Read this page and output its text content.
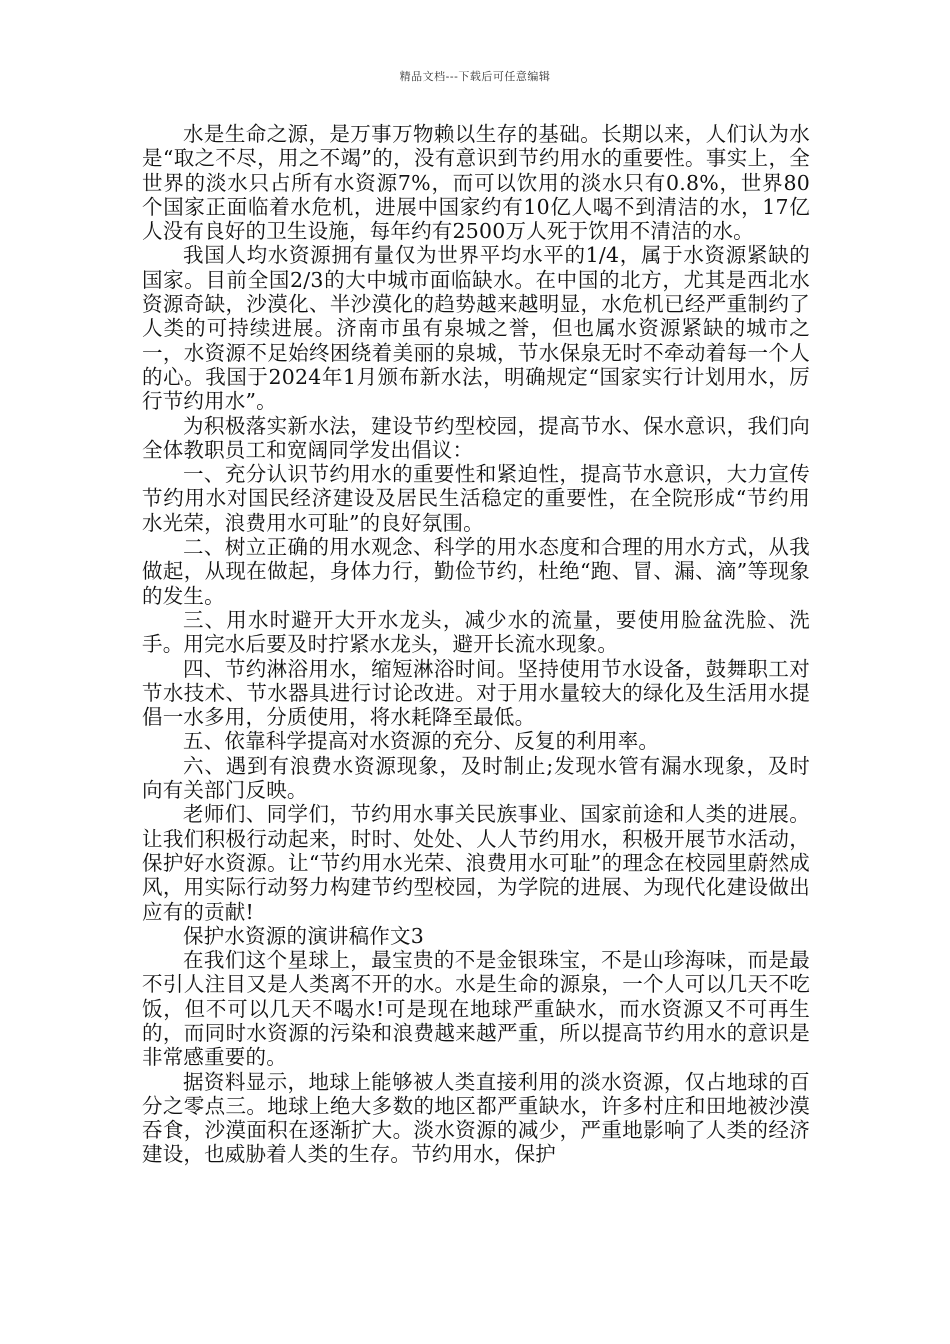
精品文档---下载后可任意编辑

水是生命之源，是万事万物赖以生存的基础。长期以来，人们认为水是“取之不尽，用之不竭”的，没有意识到节约用水的重要性。事实上，全世界的淡水只占所有水资源7%，而可以饮用的淡水只有0.8%，世界80个国家正面临着水危机，进展中国家约有10亿人喝不到清洁的水，17亿人没有良好的卫生设施，每年约有2500万人死于饮用不清洁的水。

我国人均水资源拥有量仅为世界平均水平的1/4，属于水资源紧缺的国家。目前全国2/3的大中城市面临缺水。在中国的北方，尤其是西北水资源奇缺，沙漠化、半沙漠化的趋势越来越明显，水危机已经严重制约了人类的可持续进展。济南市虽有泉城之誉，但也属水资源紧缺的城市之一，水资源不足始终困绕着美丽的泉城，节水保泉无时不牵动着每一个人的心。我国于2024年1月颁布新水法，明确规定“国家实行计划用水，厉行节约用水”。

为积极落实新水法，建设节约型校园，提高节水、保水意识，我们向全体教职员工和宽阔同学发出倡议：

一、充分认识节约用水的重要性和紧迫性，提高节水意识，大力宣传节约用水对国民经济建设及居民生活稳定的重要性，在全院形成“节约用水光荣，浪费用水可耻”的良好氛围。

二、树立正确的用水观念、科学的用水态度和合理的用水方式，从我做起，从现在做起，身体力行，勤俭节约，杜绝“跑、冒、漏、滴”等现象的发生。

三、用水时避开大开水龙头，减少水的流量，要使用脸盆洗脸、洗手。用完水后要及时拧紧水龙头，避开长流水现象。

四、节约淋浴用水，缩短淋浴时间。坚持使用节水设备，鼓舞职工对节水技术、节水器具进行讨论改进。对于用水量较大的绿化及生活用水提倡一水多用，分质使用，将水耗降至最低。

五、依靠科学提高对水资源的充分、反复的利用率。

六、遇到有浪费水资源现象，及时制止;发现水管有漏水现象，及时向有关部门反映。

老师们、同学们，节约用水事关民族事业、国家前途和人类的进展。让我们积极行动起来，时时、处处、人人节约用水，积极开展节水活动，保护好水资源。让“节约用水光荣、浪费用水可耻”的理念在校园里蔚然成风，用实际行动努力构建节约型校园，为学院的进展、为现代化建设做出应有的贡献!

保护水资源的演讲稿作文3

在我们这个星球上，最宝贵的不是金银珠宝，不是山珍海味，而是最不引人注目又是人类离不开的水。水是生命的源泉，一个人可以几天不吃饭，但不可以几天不喝水!可是现在地球严重缺水，而水资源又不可再生的，而同时水资源的污染和浪费越来越严重，所以提高节约用水的意识是非常感重要的。

据资料显示，地球上能够被人类直接利用的淡水资源，仅占地球的百分之零点三。地球上绝大多数的地区都严重缺水，许多村庄和田地被沙漠吞食，沙漠面积在逐渐扩大。淡水资源的减少，严重地影响了人类的经济建设，也威胁着人类的生存。节约用水，保护
